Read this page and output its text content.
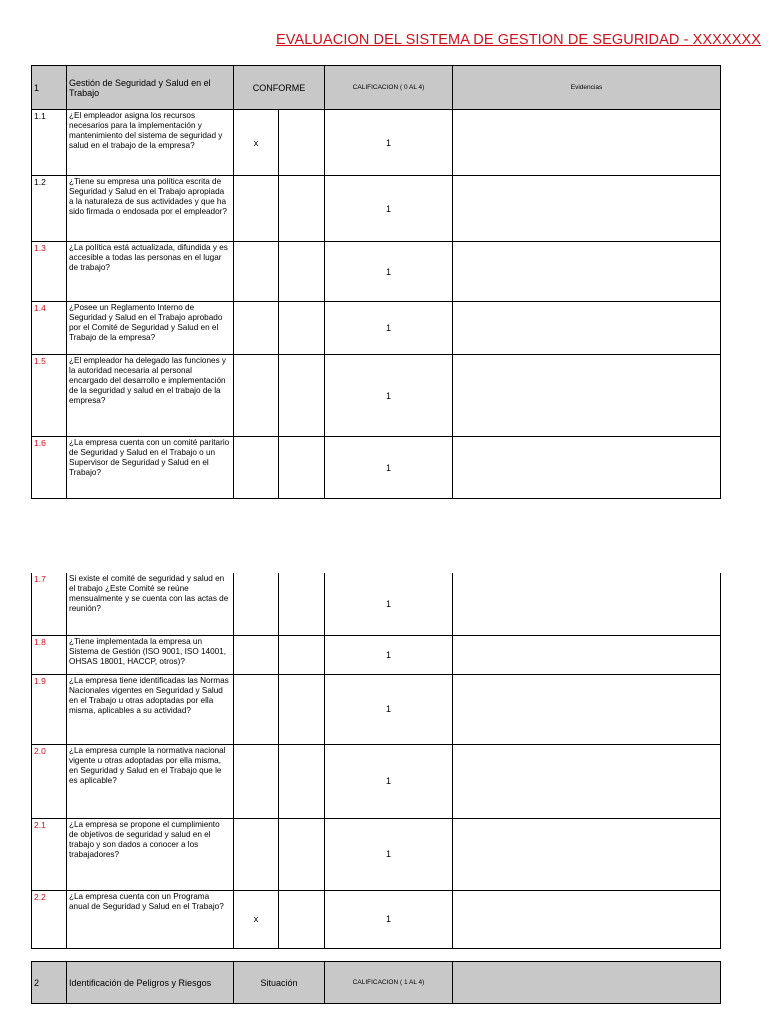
EVALUACION DEL SISTEMA DE GESTION DE SEGURIDAD - XXXXXXX
1	Gestión de Seguridad y Salud en el Trabajo	CONFORME		CALIFICACION ( 0 AL 4)	Evidencias
1.1	¿El empleador asigna los recursos necesarios para la implementación y mantenimiento del sistema de seguridad y salud en el trabajo de la empresa?	x		1	
1.2	¿Tiene su empresa una política escrita de Seguridad y Salud en el Trabajo apropiada a la naturaleza de sus actividades y que ha sido firmada o endosada por el empleador?			1	
1.3	¿La política está actualizada, difundida y es accesible a todas las personas en el lugar de trabajo?			1	
1.4	¿Posee un Reglamento Interno de Seguridad y Salud en el Trabajo aprobado por el Comité de Seguridad y Salud en el Trabajo de la empresa?			1	
1.5	¿El empleador ha delegado las funciones y la autoridad necesaria al personal encargado del desarrollo e implementación de la seguridad y salud en el trabajo de la empresa?			1	
1.6	¿La empresa cuenta con un comité paritario de Seguridad y Salud en el Trabajo o un Supervisor de Seguridad y Salud en el Trabajo?			1	
1.7	Si existe el comité de seguridad y salud en el trabajo ¿Este Comité se reúne mensualmente y se cuenta con las actas de reunión?			1	
1.8	¿Tiene implementada la empresa un Sistema de Gestión (ISO 9001, ISO 14001, OHSAS 18001, HACCP, otros)?			1	
1.9	¿La empresa tiene identificadas las Normas Nacionales vigentes en Seguridad y Salud en el Trabajo u otras adoptadas por ella misma, aplicables a su actividad?			1	
2.0	¿La empresa cumple la normativa nacional vigente u otras adoptadas por ella misma, en Seguridad y Salud en el Trabajo que le es aplicable?			1	
2.1	¿La empresa se propone el cumplimiento de objetivos de seguridad y salud en el trabajo y son dados a conocer a los trabajadores?			1	
2.2	¿La empresa cuenta con un Programa anual de Seguridad y Salud en el Trabajo?	x		1	
2	Identificación de Peligros y Riesgos	Situación	CALIFICACION ( 1 AL 4)	
